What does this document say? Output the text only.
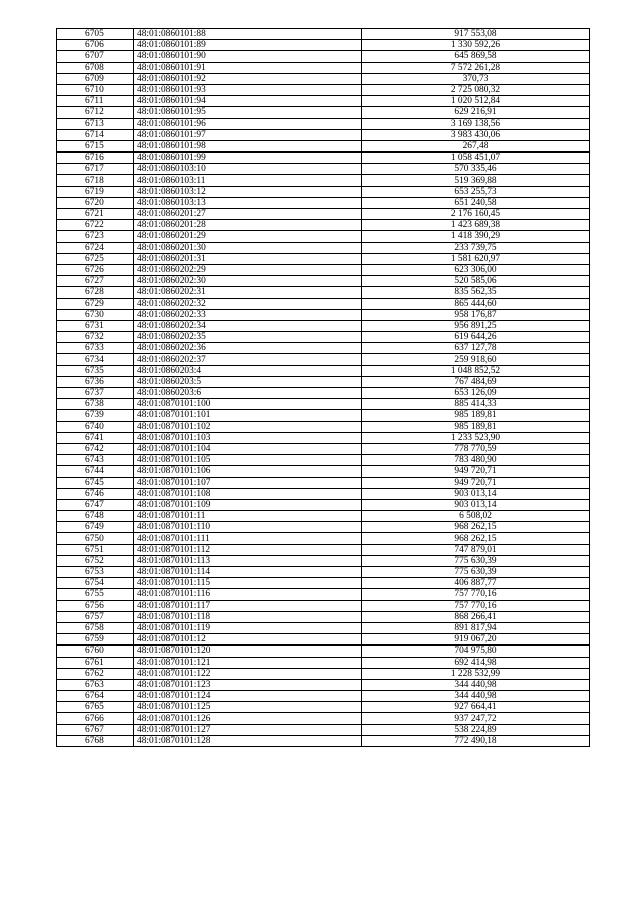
6705	48:01:0860101:88	917 553,08
6706	48:01:0860101:89	1 330 592,26
6707	48:01:0860101:90	645 869,58
6708	48:01:0860101:91	7 572 261,28
6709	48:01:0860101:92	370,73
6710	48:01:0860101:93	2 725 080,32
6711	48:01:0860101:94	1 020 512,84
6712	48:01:0860101:95	629 216,91
6713	48:01:0860101:96	3 169 138,56
6714	48:01:0860101:97	3 983 430,06
6715	48:01:0860101:98	267,48
6716	48:01:0860101:99	1 058 451,07
6717	48:01:0860103:10	570 335,46
6718	48:01:0860103:11	519 369,88
6719	48:01:0860103:12	653 255,73
6720	48:01:0860103:13	651 240,58
6721	48:01:0860201:27	2 176 160,45
6722	48:01:0860201:28	1 423 689,38
6723	48:01:0860201:29	1 418 390,29
6724	48:01:0860201:30	233 739,75
6725	48:01:0860201:31	1 581 620,97
6726	48:01:0860202:29	623 306,00
6727	48:01:0860202:30	520 585,06
6728	48:01:0860202:31	835 562,35
6729	48:01:0860202:32	865 444,60
6730	48:01:0860202:33	958 176,87
6731	48:01:0860202:34	956 891,25
6732	48:01:0860202:35	619 644,26
6733	48:01:0860202:36	637 127,78
6734	48:01:0860202:37	259 918,60
6735	48:01:0860203:4	1 048 852,52
6736	48:01:0860203:5	767 484,69
6737	48:01:0860203:6	653 126,09
6738	48:01:0870101:100	885 414,33
6739	48:01:0870101:101	985 189,81
6740	48:01:0870101:102	985 189,81
6741	48:01:0870101:103	1 233 523,90
6742	48:01:0870101:104	778 770,59
6743	48:01:0870101:105	783 480,90
6744	48:01:0870101:106	949 720,71
6745	48:01:0870101:107	949 720,71
6746	48:01:0870101:108	903 013,14
6747	48:01:0870101:109	903 013,14
6748	48:01:0870101:11	6 508,02
6749	48:01:0870101:110	968 262,15
6750	48:01:0870101:111	968 262,15
6751	48:01:0870101:112	747 879,01
6752	48:01:0870101:113	775 630,39
6753	48:01:0870101:114	775 630,39
6754	48:01:0870101:115	406 887,77
6755	48:01:0870101:116	757 770,16
6756	48:01:0870101:117	757 770,16
6757	48:01:0870101:118	868 266,41
6758	48:01:0870101:119	891 817,94
6759	48:01:0870101:12	919 067,20
6760	48:01:0870101:120	704 975,80
6761	48:01:0870101:121	692 414,98
6762	48:01:0870101:122	1 228 532,99
6763	48:01:0870101:123	344 440,98
6764	48:01:0870101:124	344 440,98
6765	48:01:0870101:125	927 664,41
6766	48:01:0870101:126	937 247,72
6767	48:01:0870101:127	538 224,89
6768	48:01:0870101:128	772 490,18
